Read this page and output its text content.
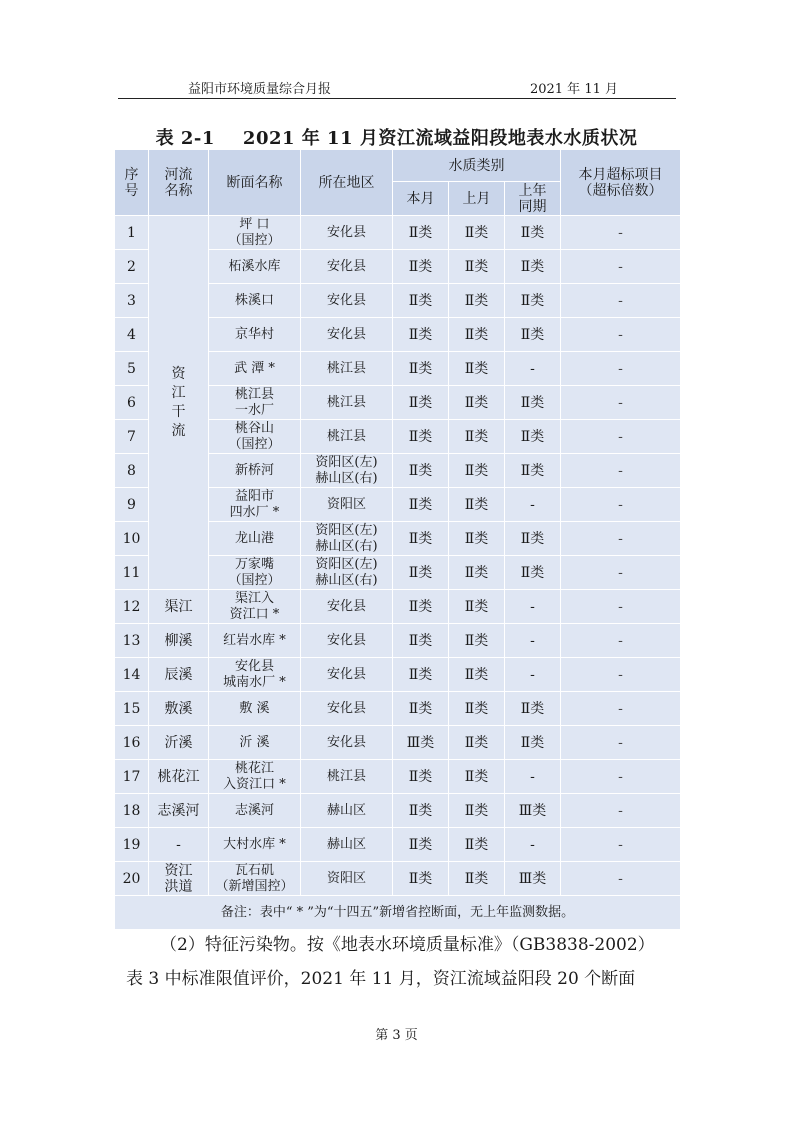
益阳市环境质量综合月报	2021 年 11 月
表 2-1 2021 年 11 月资江流域益阳段地表水水质状况
序
号	河流
名称	断面名称	所在地区	水质类别			本月超标项目
（超标倍数）
				本月	上月	上年
同期	
1	资江干流	坪 口
（国控）	安化县	Ⅱ类	Ⅱ类	Ⅱ类	-
2		柘溪水库	安化县	Ⅱ类	Ⅱ类	Ⅱ类	-
3		株溪口	安化县	Ⅱ类	Ⅱ类	Ⅱ类	-
4		京华村	安化县	Ⅱ类	Ⅱ类	Ⅱ类	-
5		武 潭 *	桃江县	Ⅱ类	Ⅱ类	-	-
6		桃江县
一水厂	桃江县	Ⅱ类	Ⅱ类	Ⅱ类	-
7		桃谷山
（国控）	桃江县	Ⅱ类	Ⅱ类	Ⅱ类	-
8		新桥河	资阳区(左)
赫山区(右)	Ⅱ类	Ⅱ类	Ⅱ类	-
9		益阳市
四水厂 *	资阳区	Ⅱ类	Ⅱ类	-	-
10		龙山港	资阳区(左)
赫山区(右)	Ⅱ类	Ⅱ类	Ⅱ类	-
11		万家嘴
（国控）	资阳区(左)
赫山区(右)	Ⅱ类	Ⅱ类	Ⅱ类	-
12	渠江	渠江入
资江口 *	安化县	Ⅱ类	Ⅱ类	-	-
13	柳溪	红岩水库 *	安化县	Ⅱ类	Ⅱ类	-	-
14	辰溪	安化县
城南水厂 *	安化县	Ⅱ类	Ⅱ类	-	-
15	敷溪	敷 溪	安化县	Ⅱ类	Ⅱ类	Ⅱ类	-
16	沂溪	沂 溪	安化县	Ⅲ类	Ⅱ类	Ⅱ类	-
17	桃花江	桃花江
入资江口 *	桃江县	Ⅱ类	Ⅱ类	-	-
18	志溪河	志溪河	赫山区	Ⅱ类	Ⅱ类	Ⅲ类	-
19	-	大村水库 *	赫山区	Ⅱ类	Ⅱ类	-	-
20	资江
洪道	瓦石矶
（新增国控）	资阳区	Ⅱ类	Ⅱ类	Ⅲ类	-
备注：表中“ * ”为“十四五”新增省控断面，无上年监测数据。							
（2）特征污染物。按《地表水环境质量标准》（GB3838-2002）
表 3 中标准限值评价，2021 年 11 月，资江流域益阳段 20 个断面
第 3 页
